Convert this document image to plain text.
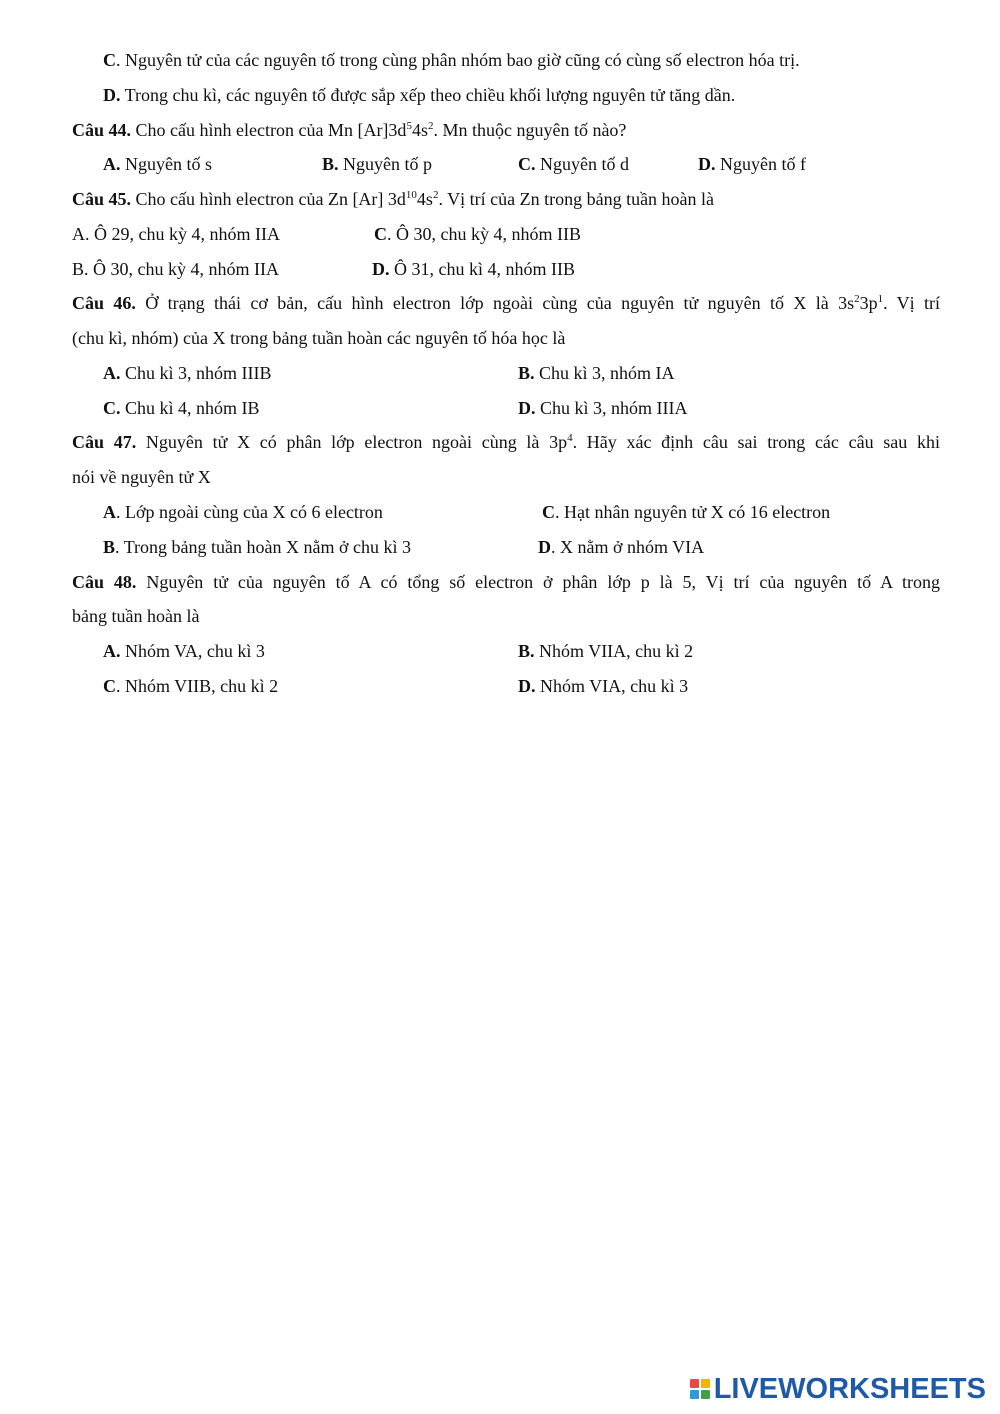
C. Nguyên tử của các nguyên tố trong cùng phân nhóm bao giờ cũng có cùng số electron hóa trị.
D. Trong chu kì, các nguyên tố được sắp xếp theo chiều khối lượng nguyên tử tăng dần.
Câu 44. Cho cấu hình electron của Mn $[Ar]3d^54s^2$. Mn thuộc nguyên tố nào?
A. Nguyên tố s	B. Nguyên tố p	C. Nguyên tố d	D. Nguyên tố f
Câu 45. Cho cấu hình electron của Zn [Ar] $3d^{10}4s^2$. Vị trí của Zn trong bảng tuần hoàn là
A. Ô 29, chu kỳ 4, nhóm IIA	C. Ô 30, chu kỳ 4, nhóm IIB
B. Ô 30, chu kỳ 4, nhóm IIA	D. Ô 31, chu kì 4, nhóm IIB
Câu 46. Ở trạng thái cơ bản, cấu hình electron lớp ngoài cùng của nguyên tử nguyên tố X là $3s^23p^1$. Vị trí
(chu kì, nhóm) của X trong bảng tuần hoàn các nguyên tố hóa học là
A. Chu kì 3, nhóm IIIB	B. Chu kì 3, nhóm IA
C. Chu kì 4, nhóm IB	D. Chu kì 3, nhóm IIIA
Câu 47. Nguyên tử X có phân lớp electron ngoài cùng là $3p^4$. Hãy xác định câu sai trong các câu sau khi
nói về nguyên tử X
A. Lớp ngoài cùng của X có 6 electron	C. Hạt nhân nguyên tử X có 16 electron
B. Trong bảng tuần hoàn X nằm ở chu kì 3	D. X nằm ở nhóm VIA
Câu 48. Nguyên tử của nguyên tố A có tổng số electron ở phân lớp p là 5, Vị trí của nguyên tố A trong
bảng tuần hoàn là
A. Nhóm VA, chu kì 3	B. Nhóm VIIA, chu kì 2
C. Nhóm VIIB, chu kì 2	D. Nhóm VIA, chu kì 3
LIVEWORKSHEETS
